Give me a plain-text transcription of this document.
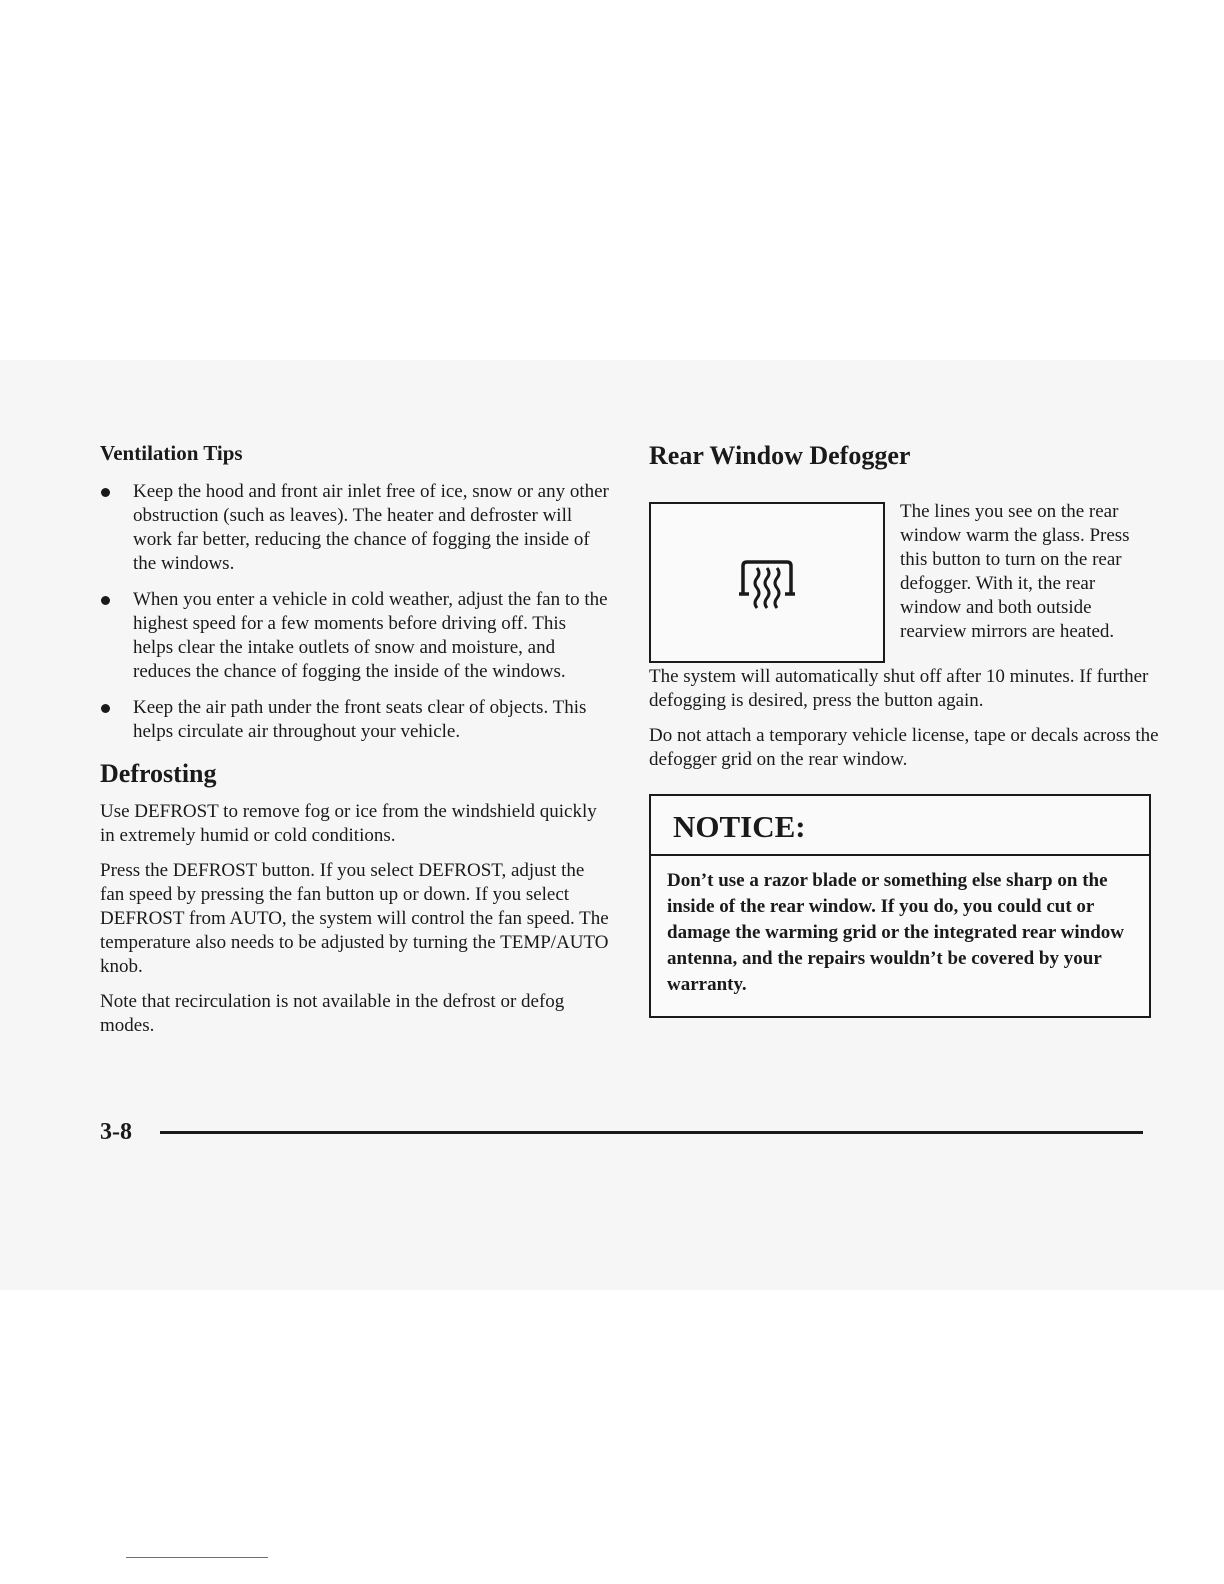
Ventilation Tips
Keep the hood and front air inlet free of ice, snow or any other obstruction (such as leaves). The heater and defroster will work far better, reducing the chance of fogging the inside of the windows.
When you enter a vehicle in cold weather, adjust the fan to the highest speed for a few moments before driving off. This helps clear the intake outlets of snow and moisture, and reduces the chance of fogging the inside of the windows.
Keep the air path under the front seats clear of objects. This helps circulate air throughout your vehicle.
Defrosting

Use DEFROST to remove fog or ice from the windshield quickly in extremely humid or cold conditions.

Press the DEFROST button. If you select DEFROST, adjust the fan speed by pressing the fan button up or down. If you select DEFROST from AUTO, the system will control the fan speed. The temperature also needs to be adjusted by turning the TEMP/AUTO knob.

Note that recirculation is not available in the defrost or defog modes.

Rear Window Defogger

The lines you see on the rear window warm the glass. Press this button to turn on the rear defogger. With it, the rear window and both outside rearview mirrors are heated.

The system will automatically shut off after 10 minutes. If further defogging is desired, press the button again.

Do not attach a temporary vehicle license, tape or decals across the defogger grid on the rear window.

NOTICE:

Don’t use a razor blade or something else sharp on the inside of the rear window. If you do, you could cut or damage the warming grid or the integrated rear window antenna, and the repairs wouldn’t be covered by your warranty.

3-8
